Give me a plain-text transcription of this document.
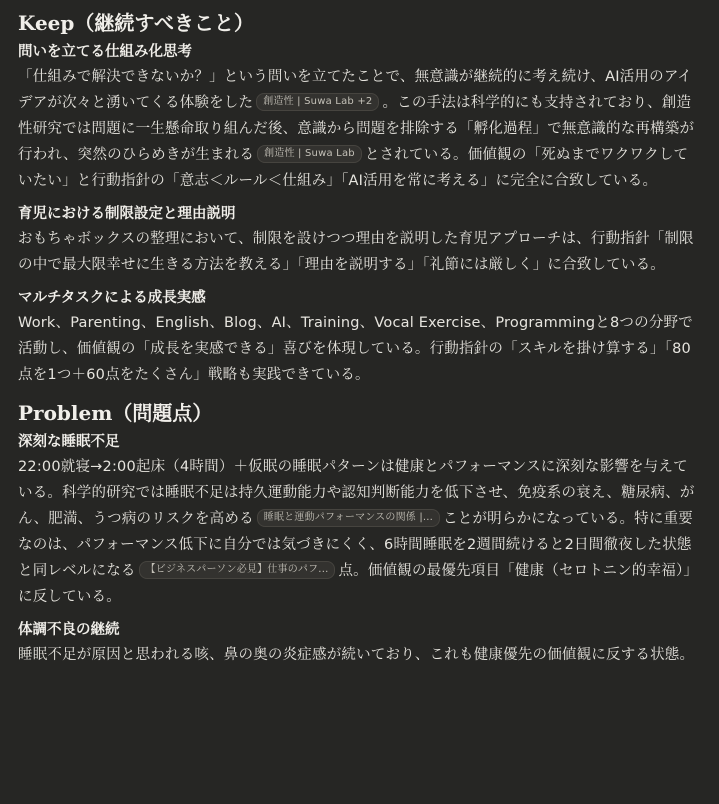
Keep（継続すべきこと）
問いを立てる仕組み化思考

「仕組みで解決できないか？」という問いを立てたことで、無意識が継続的に考え続け、AI活用のアイデアが次々と湧いてくる体験をした 創造性 | Suwa Lab +2 。この手法は科学的にも支持されており、創造性研究では問題に一生懸命取り組んだ後、意識から問題を排除する「孵化過程」で無意識的な再構築が行われ、突然のひらめきが生まれる 創造性 | Suwa Lab とされている。価値観の「死ぬまでワクワクしていたい」と行動指針の「意志＜ルール＜仕組み」「AI活用を常に考える」に完全に合致している。

育児における制限設定と理由説明

おもちゃボックスの整理において、制限を設けつつ理由を説明した育児アプローチは、行動指針「制限の中で最大限幸せに生きる方法を教える」「理由を説明する」「礼節には厳しく」に合致している。

マルチタスクによる成長実感

Work、Parenting、English、Blog、AI、Training、Vocal Exercise、Programmingと8つの分野で活動し、価値観の「成長を実感できる」喜びを体現している。行動指針の「スキルを掛け算する」「80点を1つ＋60点をたくさん」戦略も実践できている。

Problem（問題点）
深刻な睡眠不足

22:00就寝→2:00起床（4時間）＋仮眠の睡眠パターンは健康とパフォーマンスに深刻な影響を与えている。科学的研究では睡眠不足は持久運動能力や認知判断能力を低下させ、免疫系の衰え、糖尿病、がん、肥満、うつ病のリスクを高める 睡眠と運動パフォーマンスの関係 |... ことが明らかになっている。特に重要なのは、パフォーマンス低下に自分では気づきにくく、6時間睡眠を2週間続けると2日間徹夜した状態と同レベルになる 【ビジネスパーソン必見】仕事のパフ... 点。価値観の最優先項目「健康（セロトニン的幸福）」に反している。

体調不良の継続

睡眠不足が原因と思われる咳、鼻の奥の炎症感が続いており、これも健康優先の価値観に反する状態。
